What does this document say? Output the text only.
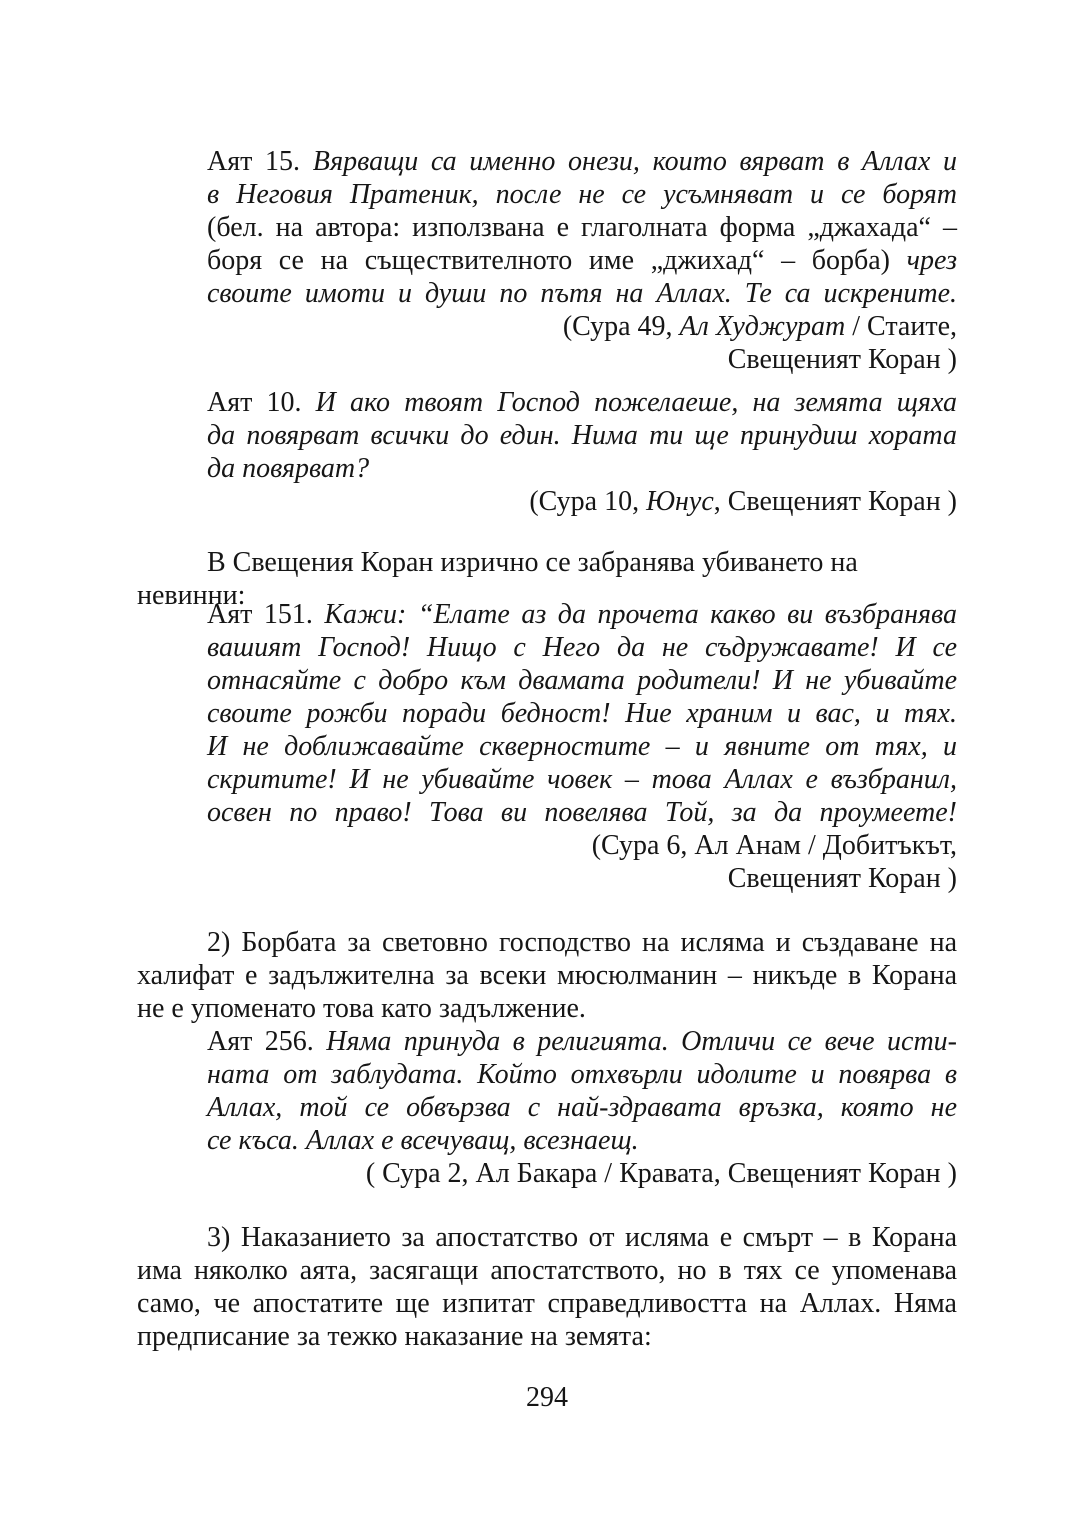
Аят 15. Вярващи са именно онези, които вярват в Аллах и
в Неговия Пратеник, после не се усъмняват и се борят
(бел. на автора: използвана е глаголната форма „джахада“ –
боря се на съществителното име „джихад“ – борба) чрез
своите имоти и души по пътя на Аллах. Те са искрените.
(Сура 49, Ал Худжурат / Стаите,
Свещеният Коран )
Аят 10. И ако твоят Господ пожелаеше, на земята щяха
да повярват всички до един. Нима ти ще принудиш хората
да повярват?
(Сура 10, Юнус, Свещеният Коран )
В Свещения Коран изрично се забранява убиването на невинни:
Аят 151. Кажи: “Елате аз да прочета какво ви възбранява
вашият Господ! Нищо с Него да не съдружавате! И се
отнасяйте с добро към двамата родители! И не убивайте
своите рожби поради бедност! Ние храним и вас, и тях.
И не доближавайте скверностите – и явните от тях, и
скритите! И не убивайте човек – това Аллах е възбранил,
освен по право! Това ви повелява Той, за да проумеете!
(Сура 6, Ал Анам / Добитъкът,
Свещеният Коран )
2) Борбата за световно господство на исляма и създаване на
халифат е задължителна за всеки мюсюлманин – никъде в Корана
не е упоменато това като задължение.
Аят 256. Няма принуда в религията. Отличи се вече исти-
ната от заблудата. Който отхвърли идолите и повярва в
Аллах, той се обвързва с най-здравата връзка, която не
се къса. Аллах е всечуващ, всезнаещ.
( Сура 2, Ал Бакара / Кравата, Свещеният Коран )
3) Наказанието за апостатство от исляма е смърт – в Корана
има няколко аята, засягащи апостатството, но в тях се упоменава
само, че апостатите ще изпитат справедливостта на Аллах. Няма
предписание за тежко наказание на земята:
294
